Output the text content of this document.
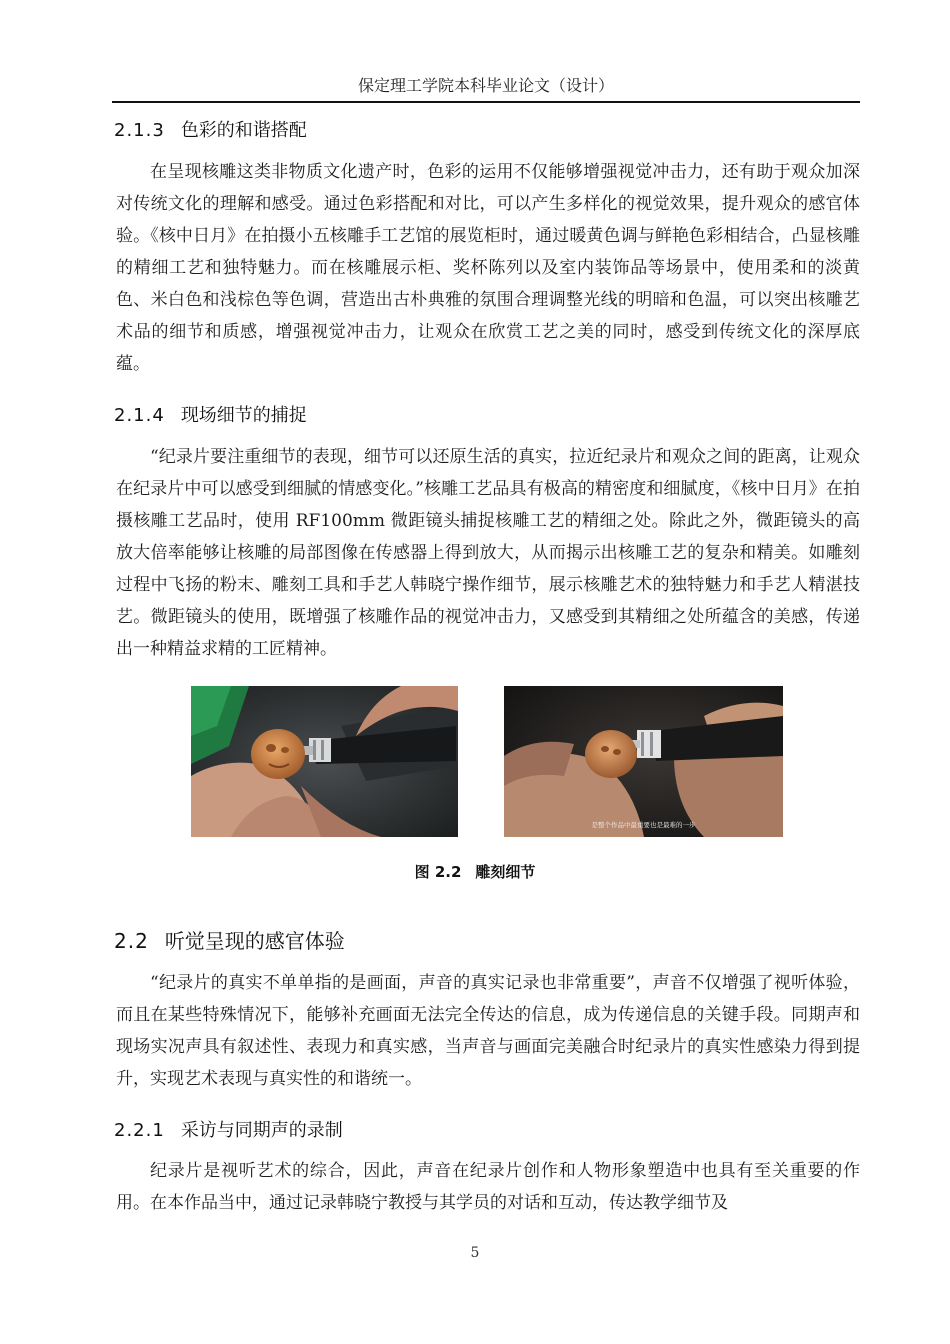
保定理工学院本科毕业论文（设计）
2.1.3 色彩的和谐搭配

在呈现核雕这类非物质文化遗产时，色彩的运用不仅能够增强视觉冲击力，还有助于观众加深对传统文化的理解和感受。通过色彩搭配和对比，可以产生多样化的视觉效果，提升观众的感官体验。《核中日月》在拍摄小五核雕手工艺馆的展览柜时，通过暖黄色调与鲜艳色彩相结合，凸显核雕的精细工艺和独特魅力。而在核雕展示柜、奖杯陈列以及室内装饰品等场景中，使用柔和的淡黄色、米白色和浅棕色等色调，营造出古朴典雅的氛围合理调整光线的明暗和色温，可以突出核雕艺术品的细节和质感，增强视觉冲击力，让观众在欣赏工艺之美的同时，感受到传统文化的深厚底蕴。

2.1.4 现场细节的捕捉

“纪录片要注重细节的表现，细节可以还原生活的真实，拉近纪录片和观众之间的距离，让观众在纪录片中可以感受到细腻的情感变化。”核雕工艺品具有极高的精密度和细腻度，《核中日月》在拍摄核雕工艺品时，使用 RF100mm 微距镜头捕捉核雕工艺的精细之处。除此之外，微距镜头的高放大倍率能够让核雕的局部图像在传感器上得到放大，从而揭示出核雕工艺的复杂和精美。如雕刻过程中飞扬的粉末、雕刻工具和手艺人韩晓宁操作细节，展示核雕艺术的独特魅力和手艺人精湛技艺。微距镜头的使用，既增强了核雕作品的视觉冲击力，又感受到其精细之处所蕴含的美感，传递出一种精益求精的工匠精神。

是整个作品中最重要也是最难的一步

图 2.2 雕刻细节

2.2 听觉呈现的感官体验

“纪录片的真实不单单指的是画面，声音的真实记录也非常重要”，声音不仅增强了视听体验，而且在某些特殊情况下，能够补充画面无法完全传达的信息，成为传递信息的关键手段。同期声和现场实况声具有叙述性、表现力和真实感，当声音与画面完美融合时纪录片的真实性感染力得到提升，实现艺术表现与真实性的和谐统一。

2.2.1 采访与同期声的录制

纪录片是视听艺术的综合，因此，声音在纪录片创作和人物形象塑造中也具有至关重要的作用。在本作品当中，通过记录韩晓宁教授与其学员的对话和互动，传达教学细节及

5
